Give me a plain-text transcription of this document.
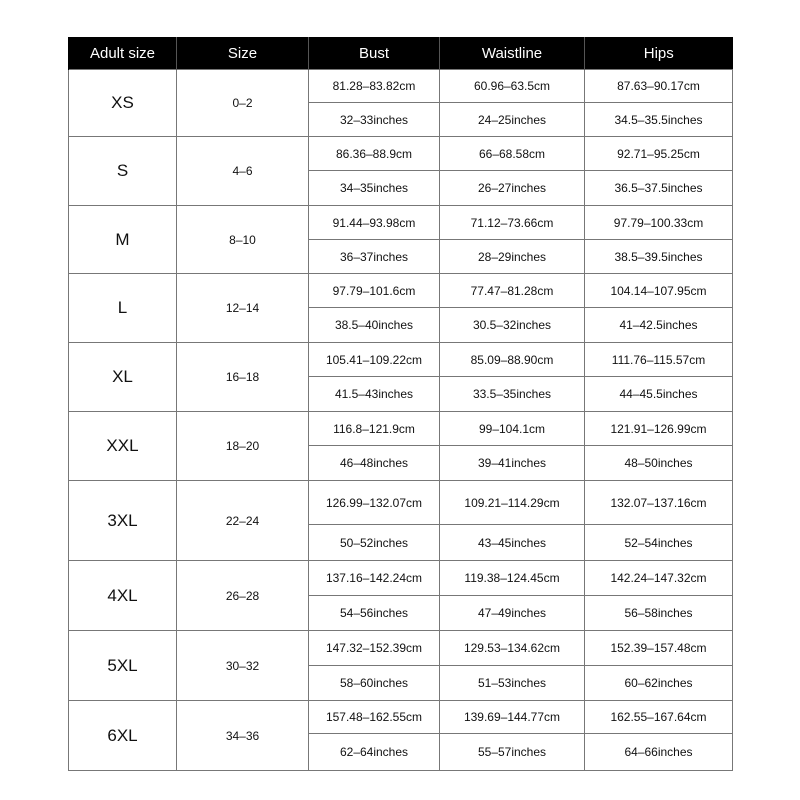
Adult size	Size	Bust	Waistline	Hips
XS	0–2	81.28–83.82cm	60.96–63.5cm	87.63–90.17cm
		32–33inches	24–25inches	34.5–35.5inches
S	4–6	86.36–88.9cm	66–68.58cm	92.71–95.25cm
		34–35inches	26–27inches	36.5–37.5inches
M	8–10	91.44–93.98cm	71.12–73.66cm	97.79–100.33cm
		36–37inches	28–29inches	38.5–39.5inches
L	12–14	97.79–101.6cm	77.47–81.28cm	104.14–107.95cm
		38.5–40inches	30.5–32inches	41–42.5inches
XL	16–18	105.41–109.22cm	85.09–88.90cm	111.76–115.57cm
		41.5–43inches	33.5–35inches	44–45.5inches
XXL	18–20	116.8–121.9cm	99–104.1cm	121.91–126.99cm
		46–48inches	39–41inches	48–50inches
3XL	22–24	126.99–132.07cm	109.21–114.29cm	132.07–137.16cm
		50–52inches	43–45inches	52–54inches
4XL	26–28	137.16–142.24cm	119.38–124.45cm	142.24–147.32cm
		54–56inches	47–49inches	56–58inches
5XL	30–32	147.32–152.39cm	129.53–134.62cm	152.39–157.48cm
		58–60inches	51–53inches	60–62inches
6XL	34–36	157.48–162.55cm	139.69–144.77cm	162.55–167.64cm
		62–64inches	55–57inches	64–66inches
